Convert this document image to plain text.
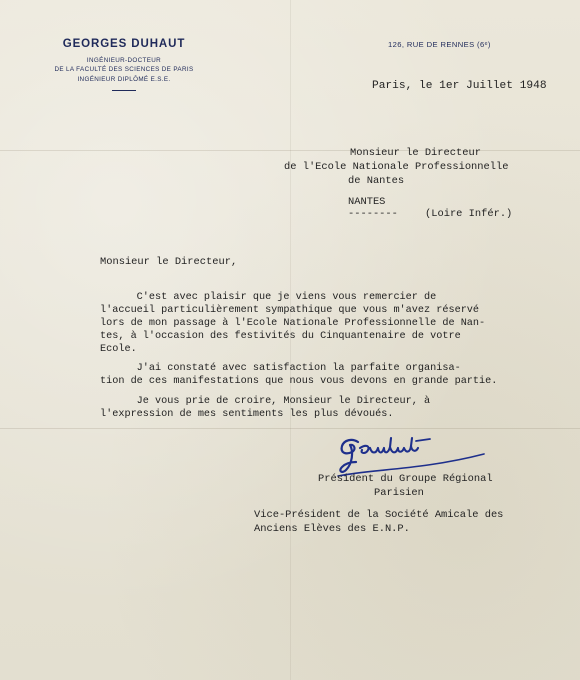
GEORGES DUHAUT
INGÉNIEUR-DOCTEUR
DE LA FACULTÉ DES SCIENCES DE PARIS
INGÉNIEUR DIPLÔMÉ E.S.E.
126, RUE DE RENNES (6ᵉ)
Paris, le 1er Juillet 1948
Monsieur le Directeur
de l'Ecole Nationale Professionnelle
de Nantes
NANTES
--------	(Loire Infér.)
Monsieur le Directeur,
C'est avec plaisir que je viens vous remercier de
l'accueil particulièrement sympathique que vous m'avez réservé
lors de mon passage à l'Ecole Nationale Professionnelle de Nan-
tes, à l'occasion des festivités du Cinquantenaire de votre
Ecole.
J'ai constaté avec satisfaction la parfaite organisa-
tion de ces manifestations que nous vous devons en grande partie.
Je vous prie de croire, Monsieur le Directeur, à
l'expression de mes sentiments les plus dévoués.
Président du Groupe Régional
Parisien
Vice-Président de la Société Amicale des
Anciens Elèves des E.N.P.
